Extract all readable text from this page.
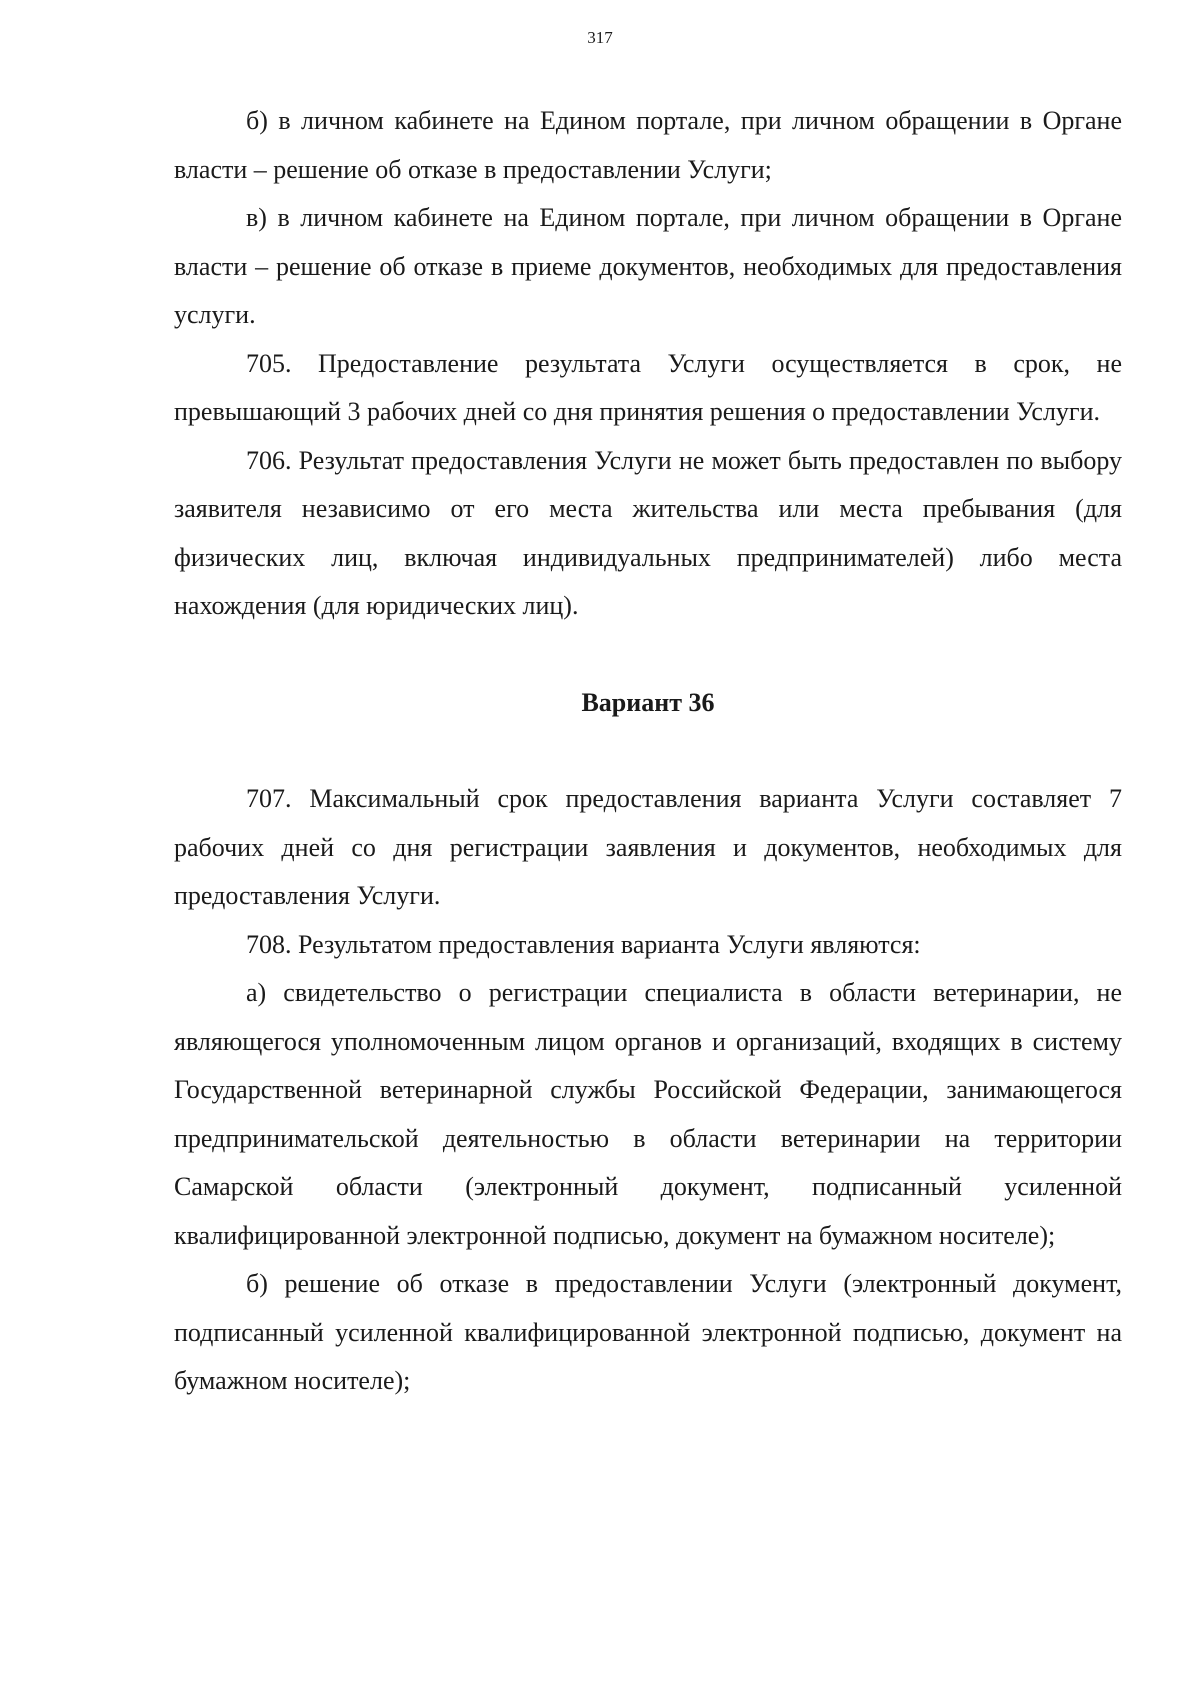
317

б) в личном кабинете на Едином портале, при личном обращении в Органе власти – решение об отказе в предоставлении Услуги;

в) в личном кабинете на Едином портале, при личном обращении в Органе власти – решение об отказе в приеме документов, необходимых для предоставления услуги.

705. Предоставление результата Услуги осуществляется в срок, не превышающий 3 рабочих дней со дня принятия решения о предоставлении Услуги.

706. Результат предоставления Услуги не может быть предоставлен по выбору заявителя независимо от его места жительства или места пребывания (для физических лиц, включая индивидуальных предпринимателей) либо места нахождения (для юридических лиц).

Вариант 36

707. Максимальный срок предоставления варианта Услуги составляет 7 рабочих дней со дня регистрации заявления и документов, необходимых для предоставления Услуги.

708. Результатом предоставления варианта Услуги являются:

а) свидетельство о регистрации специалиста в области ветеринарии, не являющегося уполномоченным лицом органов и организаций, входящих в систему Государственной ветеринарной службы Российской Федерации, занимающегося предпринимательской деятельностью в области ветеринарии на территории Самарской области (электронный документ, подписанный усиленной квалифицированной электронной подписью, документ на бумажном носителе);

б) решение об отказе в предоставлении Услуги (электронный документ, подписанный усиленной квалифицированной электронной подписью, документ на бумажном носителе);
